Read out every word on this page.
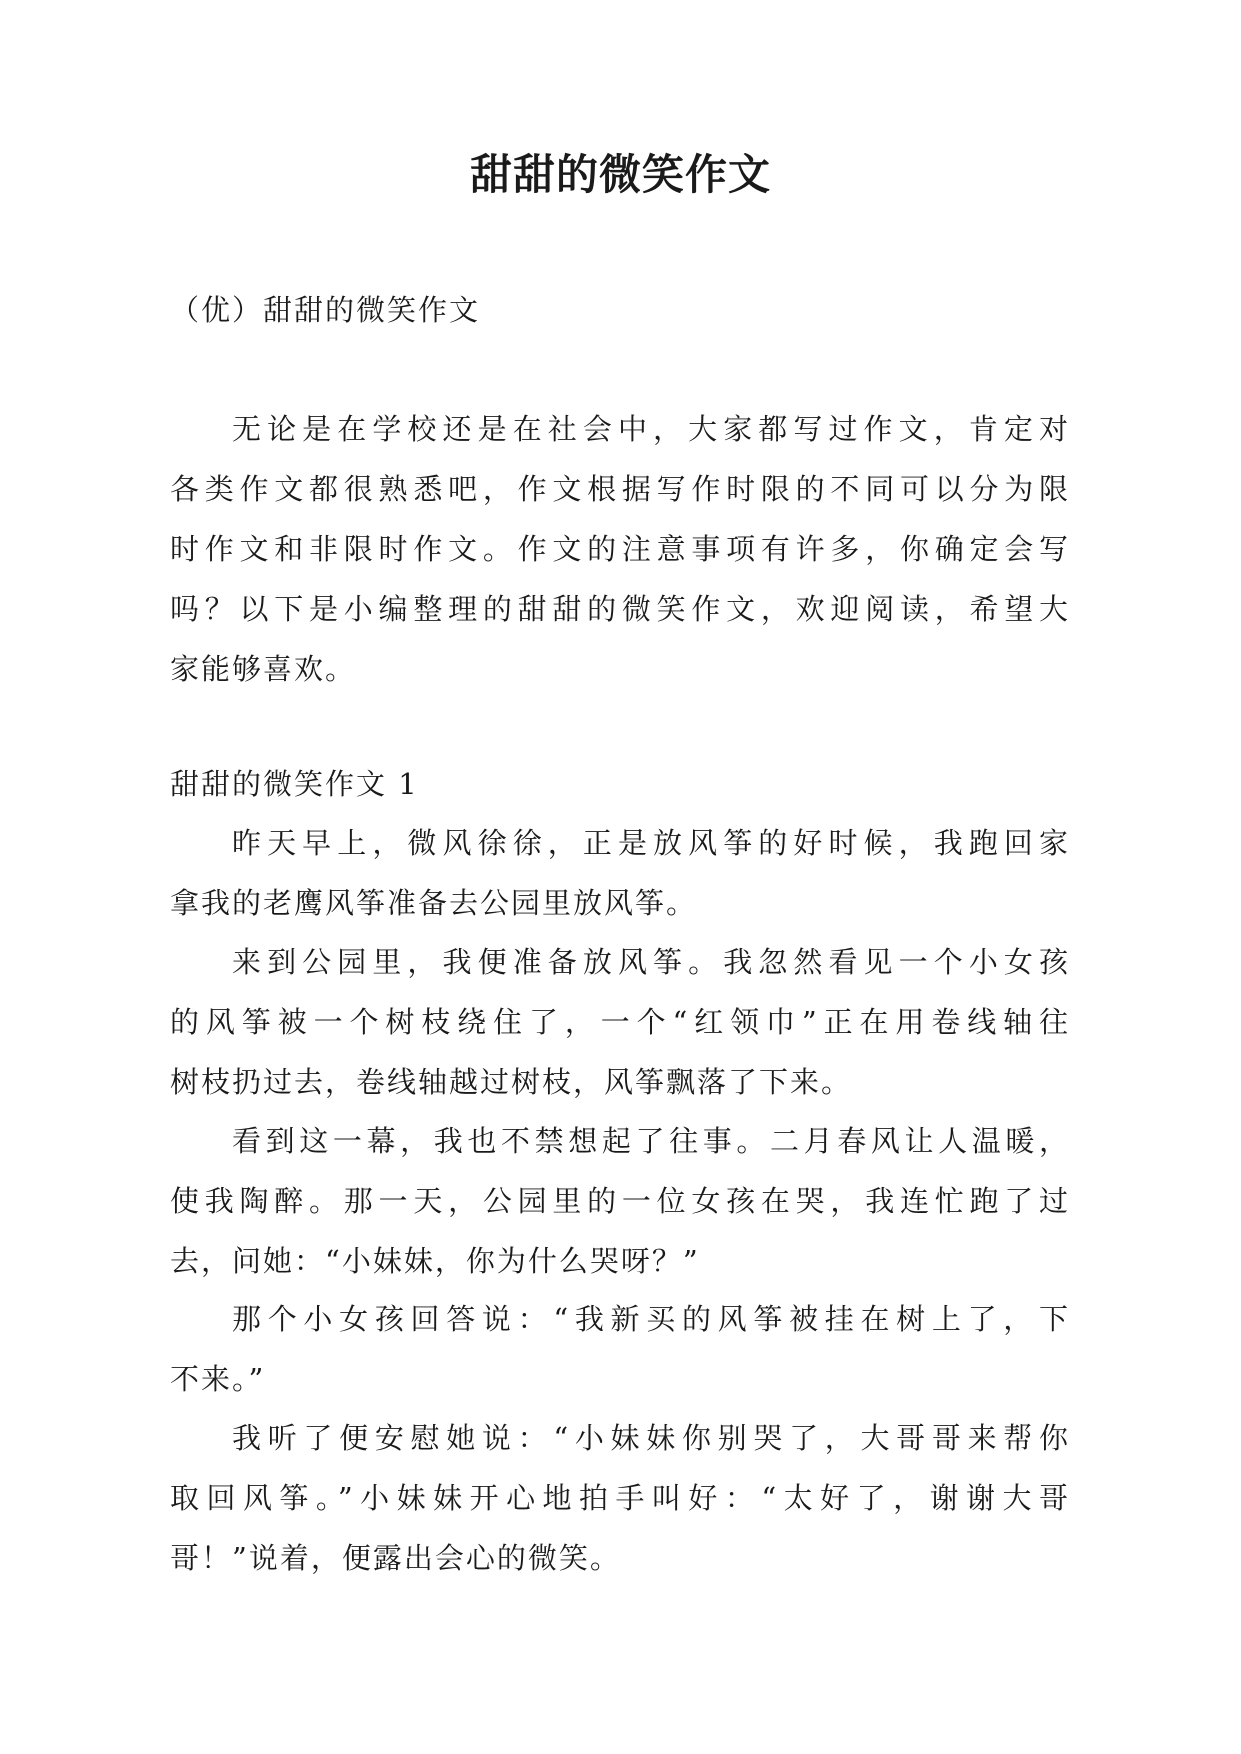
甜甜的微笑作文

（优）甜甜的微笑作文

无论是在学校还是在社会中，大家都写过作文，肯定对
各类作文都很熟悉吧，作文根据写作时限的不同可以分为限
时作文和非限时作文。作文的注意事项有许多，你确定会写
吗？以下是小编整理的甜甜的微笑作文，欢迎阅读，希望大
家能够喜欢。

甜甜的微笑作文 1

昨天早上，微风徐徐，正是放风筝的好时候，我跑回家
拿我的老鹰风筝准备去公园里放风筝。
来到公园里，我便准备放风筝。我忽然看见一个小女孩
的风筝被一个树枝绕住了，一个“红领巾”正在用卷线轴往
树枝扔过去，卷线轴越过树枝，风筝飘落了下来。
看到这一幕，我也不禁想起了往事。二月春风让人温暖，
使我陶醉。那一天，公园里的一位女孩在哭，我连忙跑了过
去，问她：“小妹妹，你为什么哭呀？”
那个小女孩回答说：“我新买的风筝被挂在树上了，下
不来。”
我听了便安慰她说：“小妹妹你别哭了，大哥哥来帮你
取回风筝。”小妹妹开心地拍手叫好：“太好了，谢谢大哥
哥！”说着，便露出会心的微笑。
